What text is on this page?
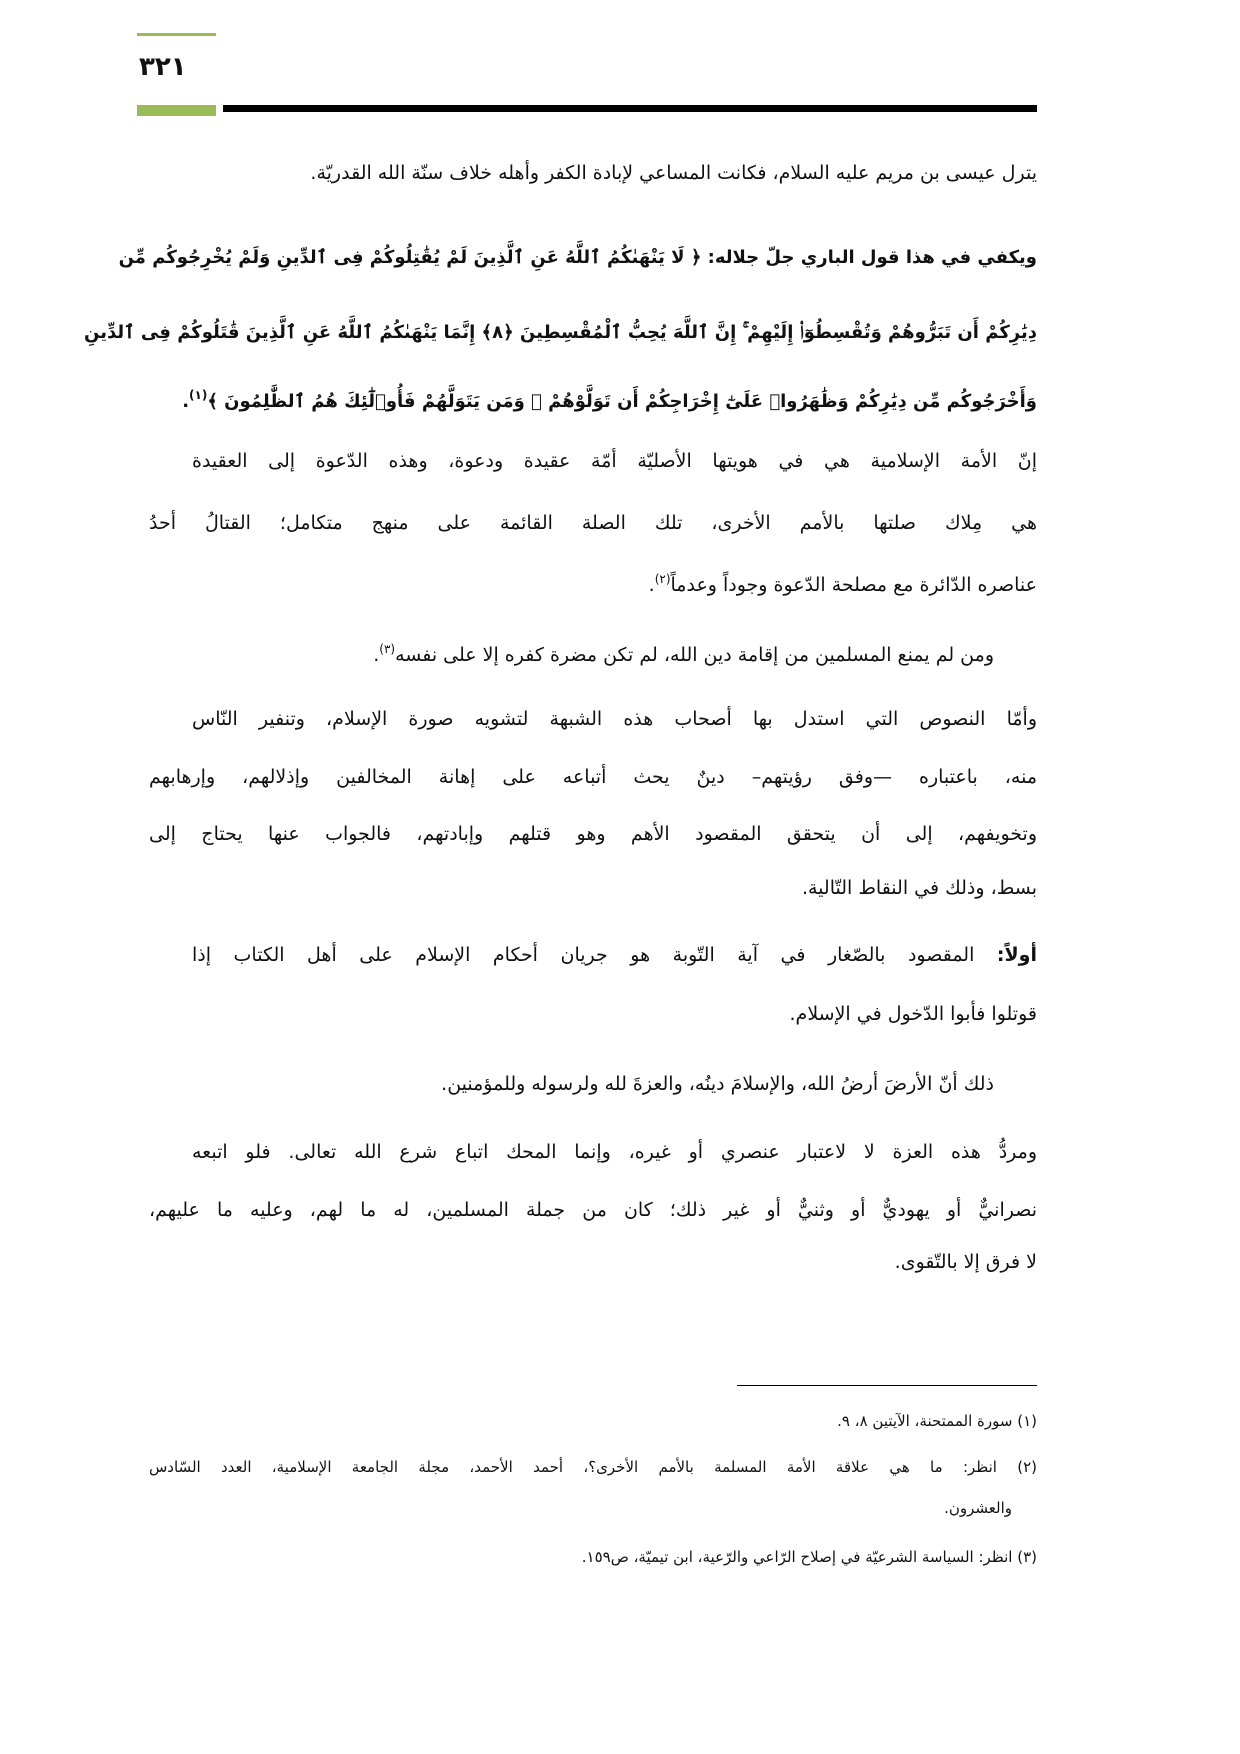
٣٢١
يترل عيسى بن مريم عليه السلام، فكانت المساعي لإبادة الكفر وأهله خلاف سنّة الله القدريّة.
ويكفي في هذا قول الباري جلّ جلاله: ﴿ لَا يَنْهَىٰكُمُ ٱللَّهُ عَنِ ٱلَّذِينَ لَمْ يُقَٰتِلُوكُمْ فِى ٱلدِّينِ وَلَمْ يُخْرِجُوكُم مِّن
دِيَٰرِكُمْ أَن تَبَرُّوهُمْ وَتُقْسِطُوٓا۟ إِلَيْهِمْ ۚ إِنَّ ٱللَّهَ يُحِبُّ ٱلْمُقْسِطِينَ ﴿٨﴾ إِنَّمَا يَنْهَىٰكُمُ ٱللَّهُ عَنِ ٱلَّذِينَ قَٰتَلُوكُمْ فِى ٱلدِّينِ
وَأَخْرَجُوكُم مِّن دِيَٰرِكُمْ وَظَٰهَرُوا۟ عَلَىٰٓ إِخْرَاجِكُمْ أَن تَوَلَّوْهُمْ ۚ وَمَن يَتَوَلَّهُمْ فَأُو۟لَٰٓئِكَ هُمُ ٱلظَّٰلِمُونَ ﴾$^{(١)}$.
إنّ الأمة الإسلامية هي في هويتها الأصليّة أمّة عقيدة ودعوة، وهذه الدّعوة إلى العقيدة
هي مِلاك صلتها بالأمم الأخرى، تلك الصلة القائمة على منهج متكامل؛ القتالُ أحدُ
عناصره الدّائرة مع مصلحة الدّعوة وجوداً وعدماً$^{(٢)}$.
ومن لم يمنع المسلمين من إقامة دين الله، لم تكن مضرة كفره إلا على نفسه$^{(٣)}$.
وأمّا النصوص التي استدل بها أصحاب هذه الشبهة لتشويه صورة الإسلام، وتنفير النّاس
منه، باعتباره —وفق رؤيتهم– دينٌ يحث أتباعه على إهانة المخالفين وإذلالهم، وإرهابهم
وتخويفهم، إلى أن يتحقق المقصود الأهم وهو قتلهم وإبادتهم، فالجواب عنها يحتاج إلى
بسط، وذلك في النقاط التّالية.
أولاً: المقصود بالصّغار في آية التّوبة هو جريان أحكام الإسلام على أهل الكتاب إذا
قوتلوا فأبوا الدّخول في الإسلام.
ذلك أنّ الأرضَ أرضُ الله، والإسلامَ دينُه، والعزةَ لله ولرسوله وللمؤمنين.
ومردُّ هذه العزة لا لاعتبار عنصري أو غيره، وإنما المحك اتباع شرع الله تعالى. فلو اتبعه
نصرانيٌّ أو يهوديٌّ أو وثنيٌّ أو غير ذلك؛ كان من جملة المسلمين، له ما لهم، وعليه ما عليهم،
لا فرق إلا بالتّقوى.
(١) سورة الممتحنة، الآيتين ٨، ٩.
(٢) انظر: ما هي علاقة الأمة المسلمة بالأمم الأخرى؟، أحمد الأحمد، مجلة الجامعة الإسلامية، العدد السّادس
والعشرون.
(٣) انظر: السياسة الشرعيّة في إصلاح الرّاعي والرّعية، ابن تيميّة، ص١٥٩.
